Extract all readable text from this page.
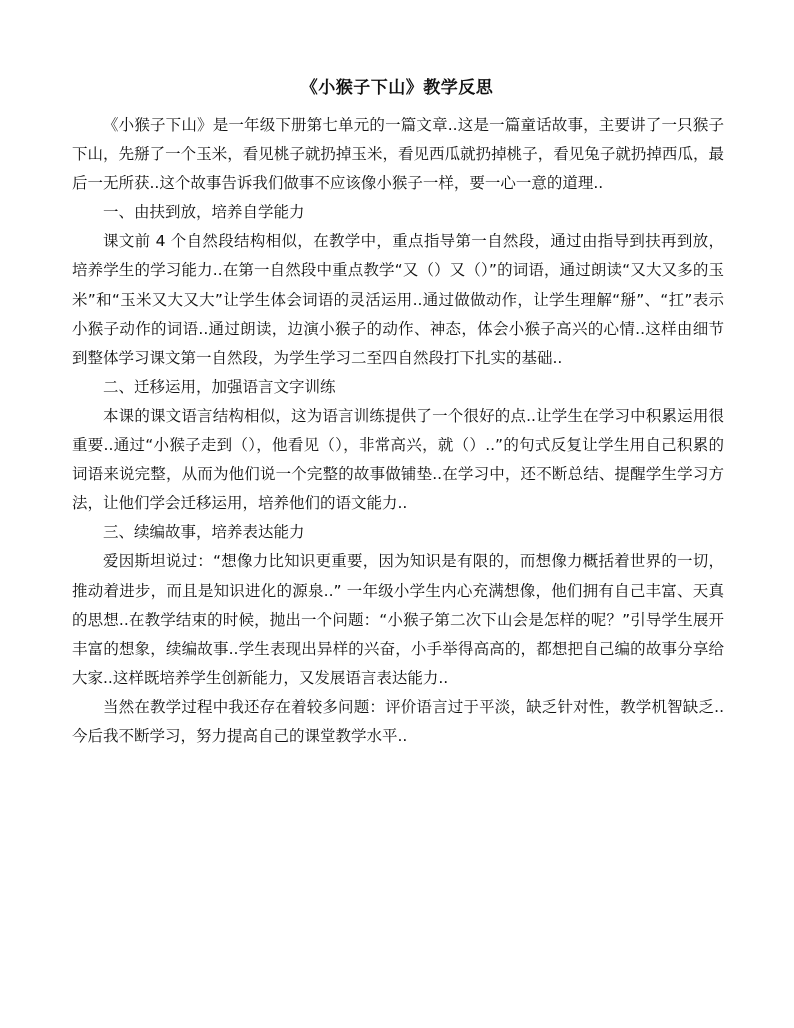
《小猴子下山》教学反思

《小猴子下山》是一年级下册第七单元的一篇文章..这是一篇童话故事，主要讲了一只猴子下山，先掰了一个玉米，看见桃子就扔掉玉米，看见西瓜就扔掉桃子，看见兔子就扔掉西瓜，最后一无所获..这个故事告诉我们做事不应该像小猴子一样，要一心一意的道理..

一、由扶到放，培养自学能力

课文前 4 个自然段结构相似，在教学中，重点指导第一自然段，通过由指导到扶再到放，培养学生的学习能力..在第一自然段中重点教学“又（）又（）”的词语，通过朗读“又大又多的玉米”和“玉米又大又大”让学生体会词语的灵活运用..通过做做动作，让学生理解“掰”、“扛”表示小猴子动作的词语..通过朗读，边演小猴子的动作、神态，体会小猴子高兴的心情..这样由细节到整体学习课文第一自然段，为学生学习二至四自然段打下扎实的基础..

二、迁移运用，加强语言文字训练

本课的课文语言结构相似，这为语言训练提供了一个很好的点..让学生在学习中积累运用很重要..通过“小猴子走到（），他看见（），非常高兴，就（）..”的句式反复让学生用自己积累的词语来说完整，从而为他们说一个完整的故事做铺垫..在学习中，还不断总结、提醒学生学习方法，让他们学会迁移运用，培养他们的语文能力..

三、续编故事，培养表达能力

爱因斯坦说过：“想像力比知识更重要，因为知识是有限的，而想像力概括着世界的一切，推动着进步，而且是知识进化的源泉..” 一年级小学生内心充满想像，他们拥有自己丰富、天真的思想..在教学结束的时候，抛出一个问题：“小猴子第二次下山会是怎样的呢？”引导学生展开丰富的想象，续编故事..学生表现出异样的兴奋，小手举得高高的，都想把自己编的故事分享给大家..这样既培养学生创新能力，又发展语言表达能力..

当然在教学过程中我还存在着较多问题：评价语言过于平淡，缺乏针对性，教学机智缺乏..今后我不断学习，努力提高自己的课堂教学水平..
